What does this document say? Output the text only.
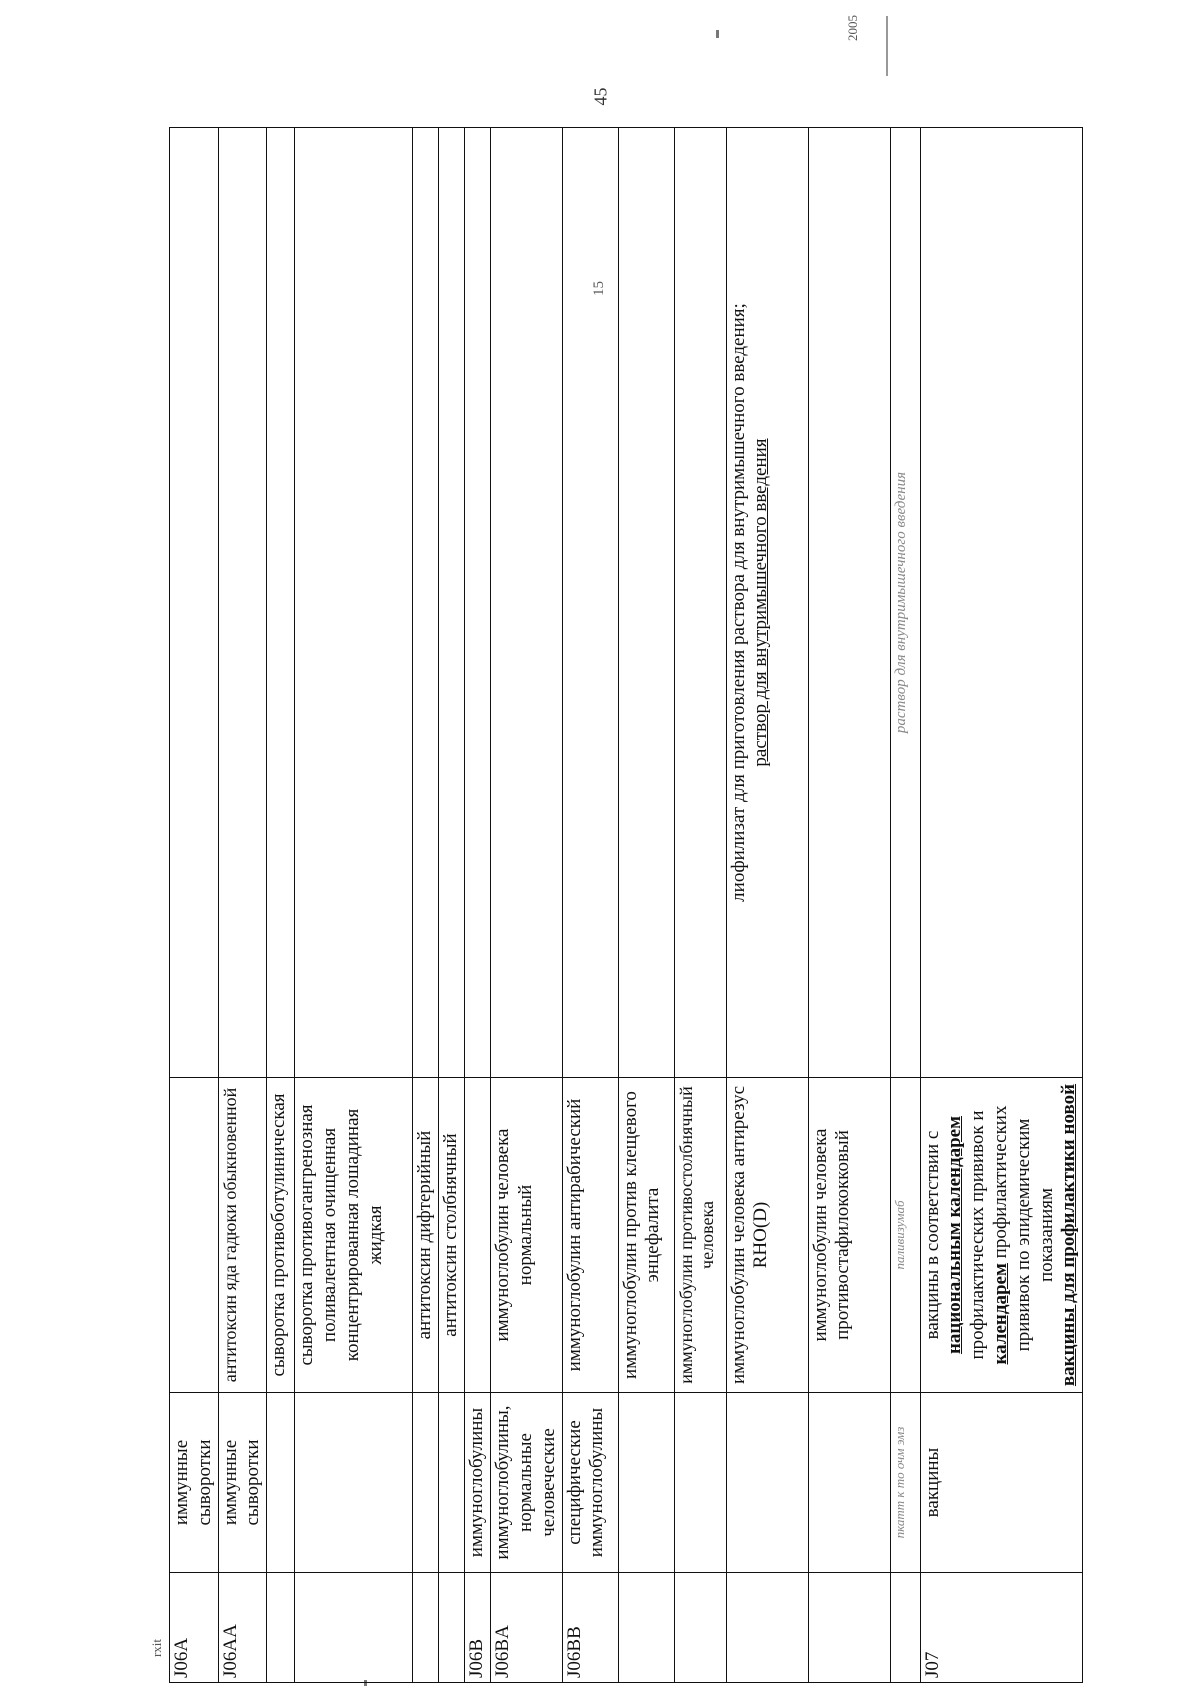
45
15
2005
rxit J06A	иммунные сыворотки		
J06AA	иммунные сыворотки	антитоксин яда гадюки обыкновенной	
		сыворотка противоботулиническая	
		сыворотка противогангренозная поливалентная очищенная концентрированная лошадиная жидкая	
		антитоксин дифтерийный	
		антитоксин столбнячный	
J06B	иммуноглобулины		
J06BA	иммуноглобулины, нормальные человеческие	иммуноглобулин человека нормальный	
J06BB	специфические иммуноглобулины	иммуноглобулин антирабический	
		иммуноглобулин против клещевого энцефалита	
		иммуноглобулин противостолбнячный человека	
		иммуноглобулин человека антирезус RHO(D)	лиофилизат для приготовления раствора для внутримышечного введения; раствор для внутримышечного введения

		иммуноглобулин человека противостафилококковый	
	пкатт к то очм эмз	паливизумаб	раствор для внутримышечного введения
J07	вакцины	вакцины в соответствии с национальным календарем профилактических прививок и календарем профилактических прививок по эпидемическим показаниям вакцины для профилактики новой	
